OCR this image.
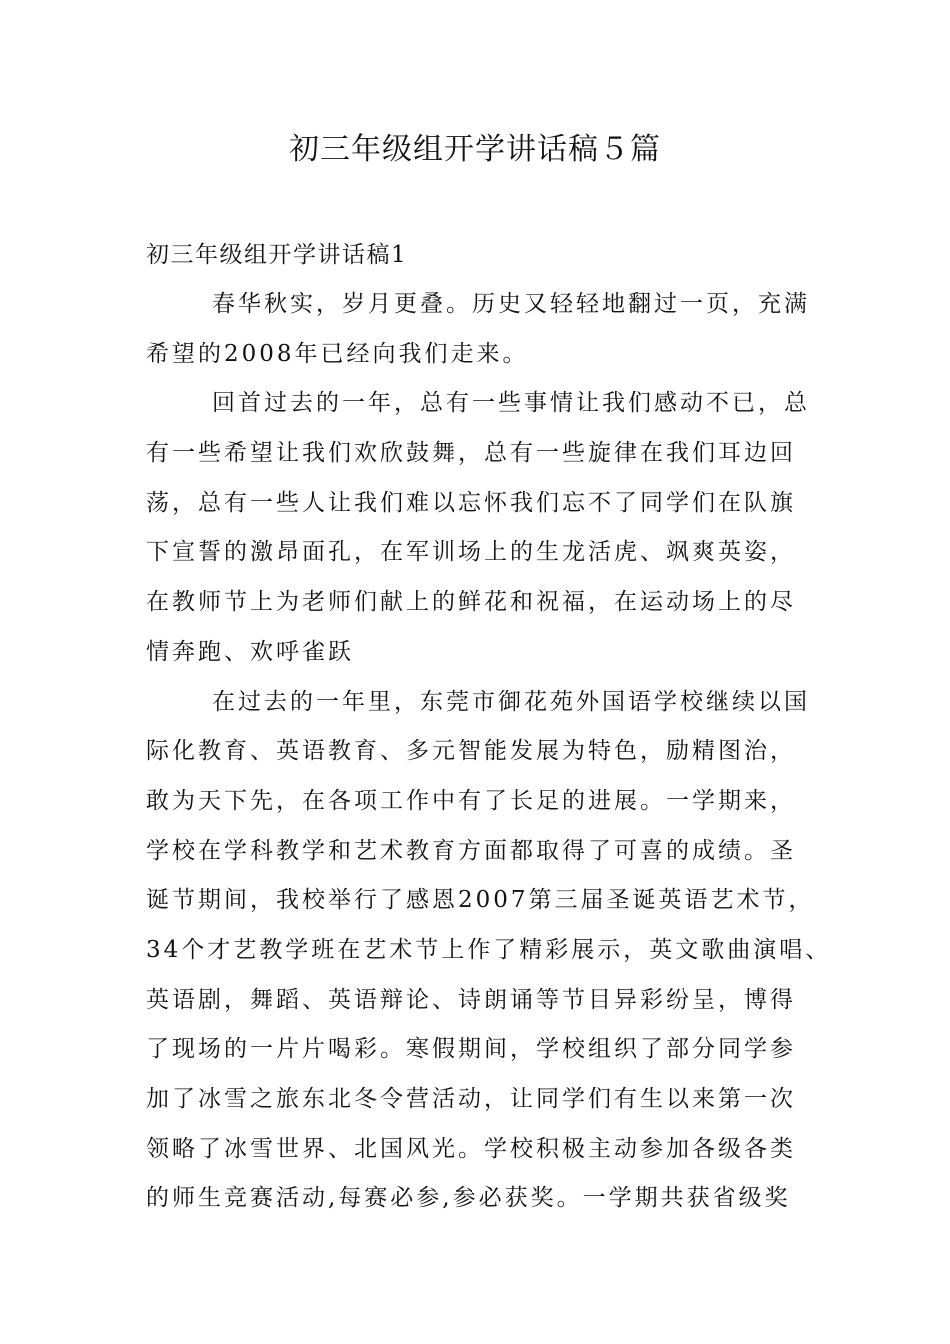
初三年级组开学讲话稿５篇

初三年级组开学讲话稿1

春华秋实，岁月更叠。历史又轻轻地翻过一页，充满
希望的2008年已经向我们走来。

回首过去的一年，总有一些事情让我们感动不已，总
有一些希望让我们欢欣鼓舞，总有一些旋律在我们耳边回
荡，总有一些人让我们难以忘怀我们忘不了同学们在队旗
下宣誓的激昂面孔，在军训场上的生龙活虎、飒爽英姿，
在教师节上为老师们献上的鲜花和祝福，在运动场上的尽
情奔跑、欢呼雀跃

在过去的一年里，东莞市御花苑外国语学校继续以国
际化教育、英语教育、多元智能发展为特色，励精图治，
敢为天下先，在各项工作中有了长足的进展。一学期来，
学校在学科教学和艺术教育方面都取得了可喜的成绩。圣
诞节期间，我校举行了感恩2007第三届圣诞英语艺术节，
34个才艺教学班在艺术节上作了精彩展示，英文歌曲演唱、
英语剧，舞蹈、英语辩论、诗朗诵等节目异彩纷呈，博得
了现场的一片片喝彩。寒假期间，学校组织了部分同学参
加了冰雪之旅东北冬令营活动，让同学们有生以来第一次
领略了冰雪世界、北国风光。学校积极主动参加各级各类
的师生竞赛活动,每赛必参,参必获奖。一学期共获省级奖
